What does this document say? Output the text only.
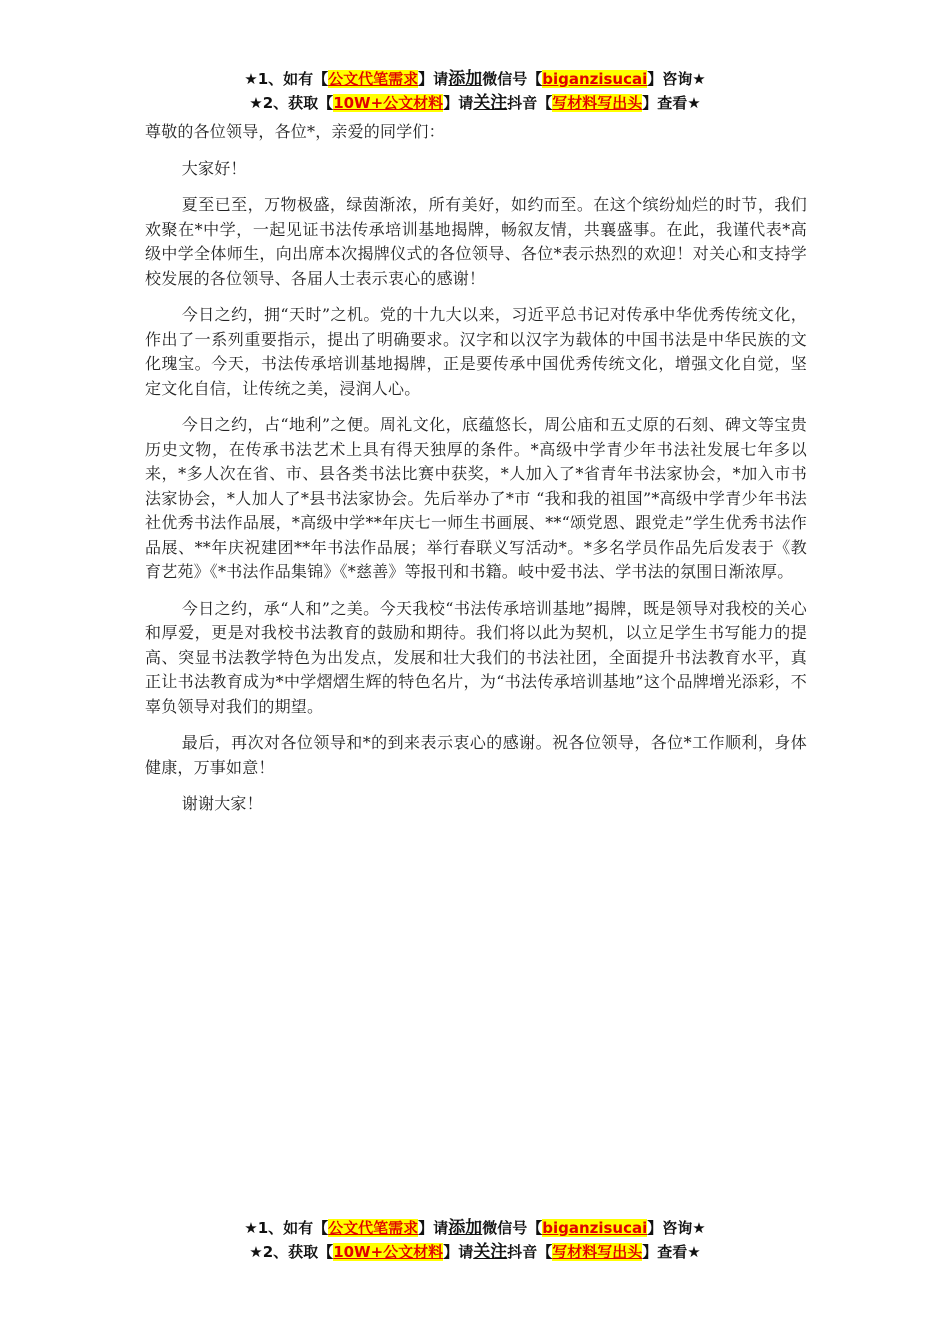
★1、如有【公文代笔需求】请添加微信号【biganzisucai】咨询★
★2、获取【10W+公文材料】请关注抖音【写材料写出头】查看★

尊敬的各位领导，各位*，亲爱的同学们：

大家好！

夏至已至，万物极盛，绿茵渐浓，所有美好，如约而至。在这个缤纷灿烂的时节，我们欢聚在*中学，一起见证书法传承培训基地揭牌，畅叙友情，共襄盛事。在此，我谨代表*高级中学全体师生，向出席本次揭牌仪式的各位领导、各位*表示热烈的欢迎！对关心和支持学校发展的各位领导、各届人士表示衷心的感谢！

今日之约，拥“天时”之机。党的十九大以来，习近平总书记对传承中华优秀传统文化，作出了一系列重要指示，提出了明确要求。汉字和以汉字为载体的中国书法是中华民族的文化瑰宝。今天，书法传承培训基地揭牌，正是要传承中国优秀传统文化，增强文化自觉，坚定文化自信，让传统之美，浸润人心。

今日之约，占“地利”之便。周礼文化，底蕴悠长，周公庙和五丈原的石刻、碑文等宝贵历史文物，在传承书法艺术上具有得天独厚的条件。*高级中学青少年书法社发展七年多以来，*多人次在省、市、县各类书法比赛中获奖，*人加入了*省青年书法家协会，*加入市书法家协会，*人加人了*县书法家协会。先后举办了*市 “我和我的祖国”*高级中学青少年书法社优秀书法作品展，*高级中学**年庆七一师生书画展、**“颂党恩、跟党走”学生优秀书法作品展、**年庆祝建团**年书法作品展；举行春联义写活动*。*多名学员作品先后发表于《教育艺苑》《*书法作品集锦》《*慈善》等报刊和书籍。岐中爱书法、学书法的氛围日渐浓厚。

今日之约，承“人和”之美。今天我校“书法传承培训基地”揭牌，既是领导对我校的关心和厚爱，更是对我校书法教育的鼓励和期待。我们将以此为契机，以立足学生书写能力的提高、突显书法教学特色为出发点，发展和壮大我们的书法社团，全面提升书法教育水平，真正让书法教育成为*中学熠熠生辉的特色名片，为“书法传承培训基地”这个品牌增光添彩，不辜负领导对我们的期望。

最后，再次对各位领导和*的到来表示衷心的感谢。祝各位领导，各位*工作顺利，身体健康，万事如意！

谢谢大家！

★1、如有【公文代笔需求】请添加微信号【biganzisucai】咨询★
★2、获取【10W+公文材料】请关注抖音【写材料写出头】查看★
